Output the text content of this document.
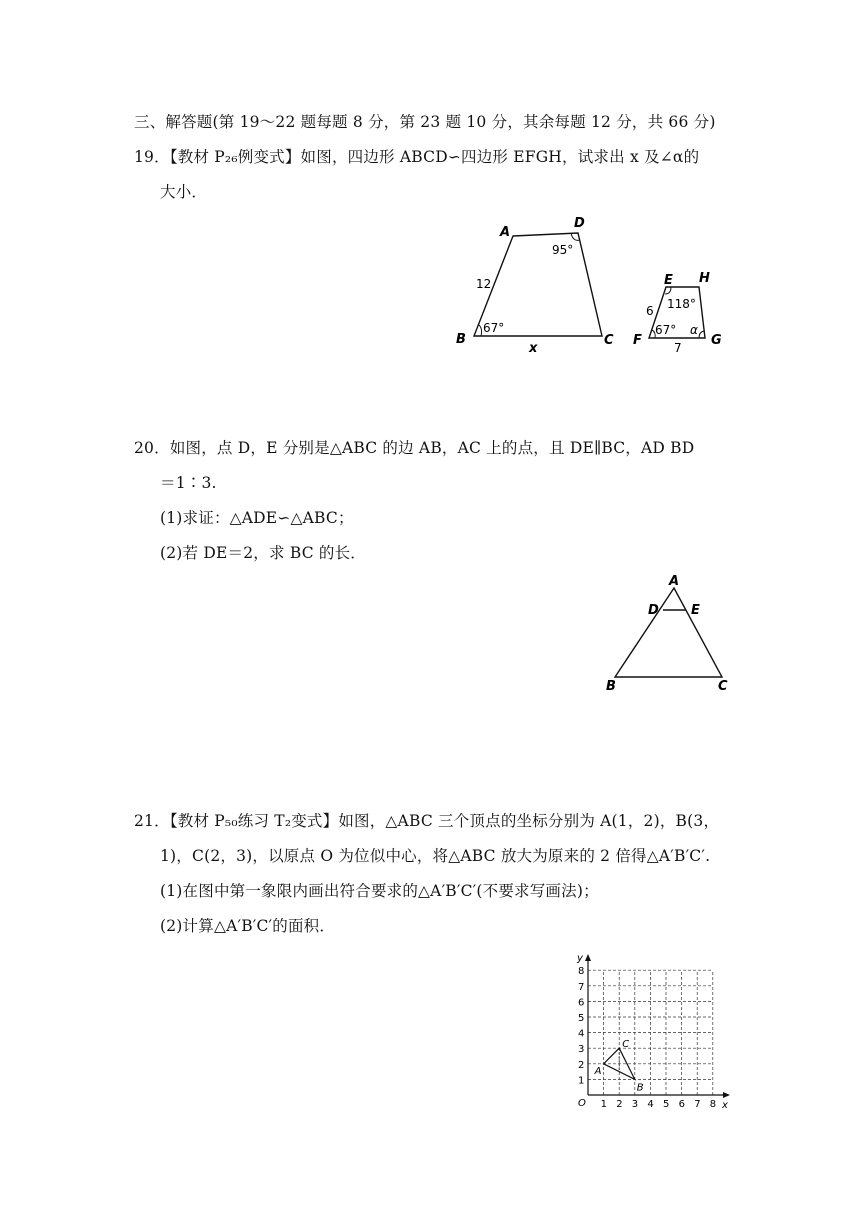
三、解答题(第 19～22 题每题 8 分，第 23 题 10 分，其余每题 12 分，共 66 分)
19．【教材 P₂₆例变式】如图，四边形 ABCD∽四边形 EFGH，试求出 x 及∠α的
大小．
A
D
B	C
12
95°
67°
x
E H
F	G
6 118°
67° α
7
20．如图，点 D，E 分别是△ABC 的边 AB，AC 上的点，且 DE∥BC，AD BD
＝1∶3.
(1)求证：△ADE∽△ABC；
(2)若 DE＝2，求 BC 的长．
A
D E
B	C
21．【教材 P₅₀练习 T₂变式】如图，△ABC 三个顶点的坐标分别为 A(1，2)，B(3，
1)，C(2，3)，以原点 O 为位似中心，将△ABC 放大为原来的 2 倍得△A′B′C′.
(1)在图中第一象限内画出符合要求的△A′B′C′(不要求写画法)；
(2)计算△A′B′C′的面积．
x
y
O 1 2 3 4 5 6 7 8
1
2
3
4
5
6
7
8
A
B
C
